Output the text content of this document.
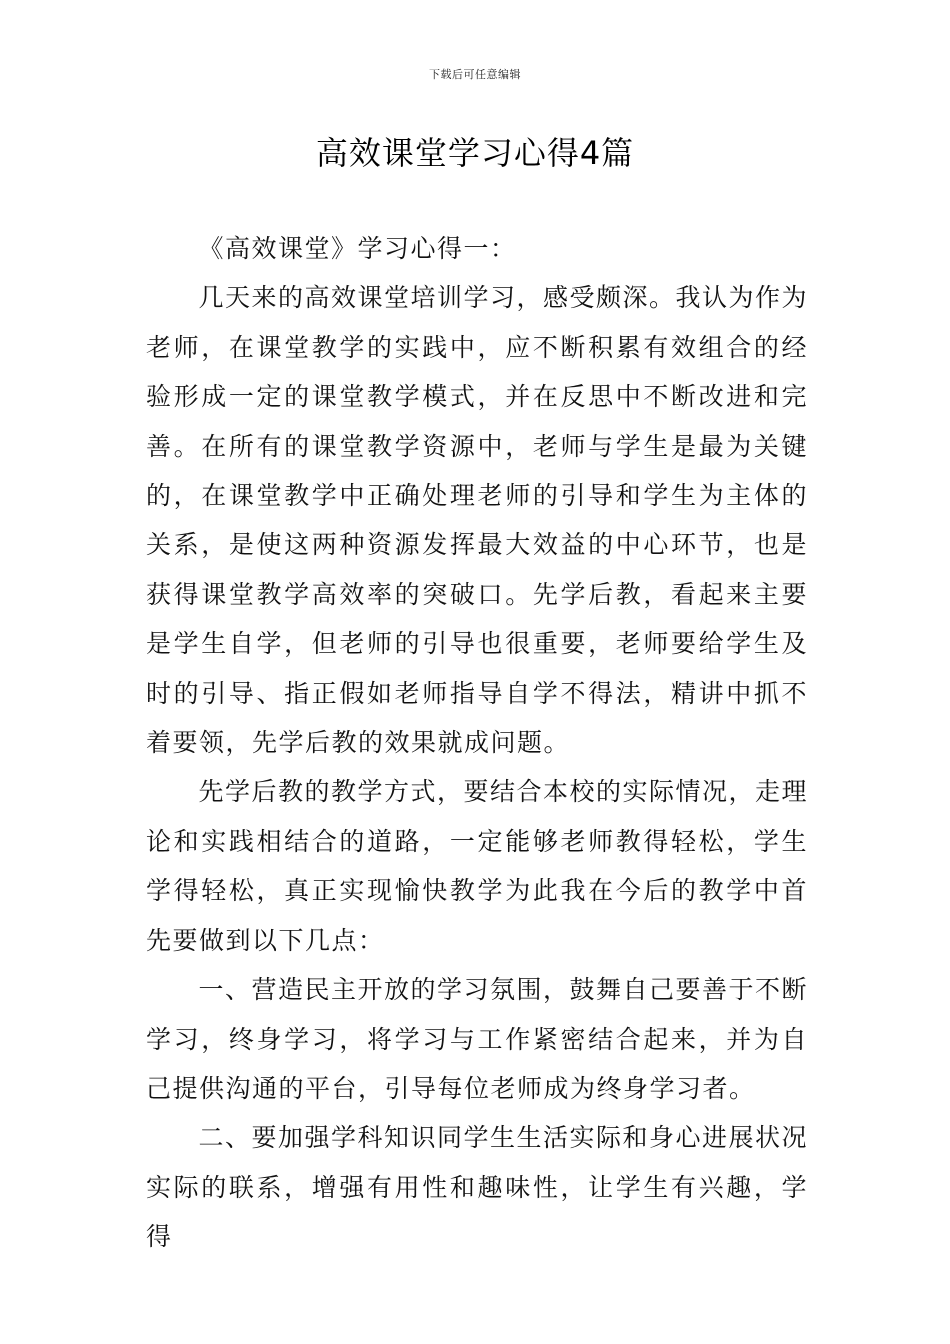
下载后可任意编辑
高效课堂学习心得4篇

《高效课堂》学习心得一：

几天来的高效课堂培训学习，感受颇深。我认为作为老师，在课堂教学的实践中，应不断积累有效组合的经验形成一定的课堂教学模式，并在反思中不断改进和完善。在所有的课堂教学资源中，老师与学生是最为关键的，在课堂教学中正确处理老师的引导和学生为主体的关系，是使这两种资源发挥最大效益的中心环节，也是获得课堂教学高效率的突破口。先学后教，看起来主要是学生自学，但老师的引导也很重要，老师要给学生及时的引导、指正假如老师指导自学不得法，精讲中抓不着要领，先学后教的效果就成问题。

先学后教的教学方式，要结合本校的实际情况，走理论和实践相结合的道路，一定能够老师教得轻松，学生学得轻松，真正实现愉快教学为此我在今后的教学中首先要做到以下几点：

一、营造民主开放的学习氛围，鼓舞自己要善于不断学习，终身学习，将学习与工作紧密结合起来，并为自己提供沟通的平台，引导每位老师成为终身学习者。

二、要加强学科知识同学生生活实际和身心进展状况实际的联系，增强有用性和趣味性，让学生有兴趣，学得
